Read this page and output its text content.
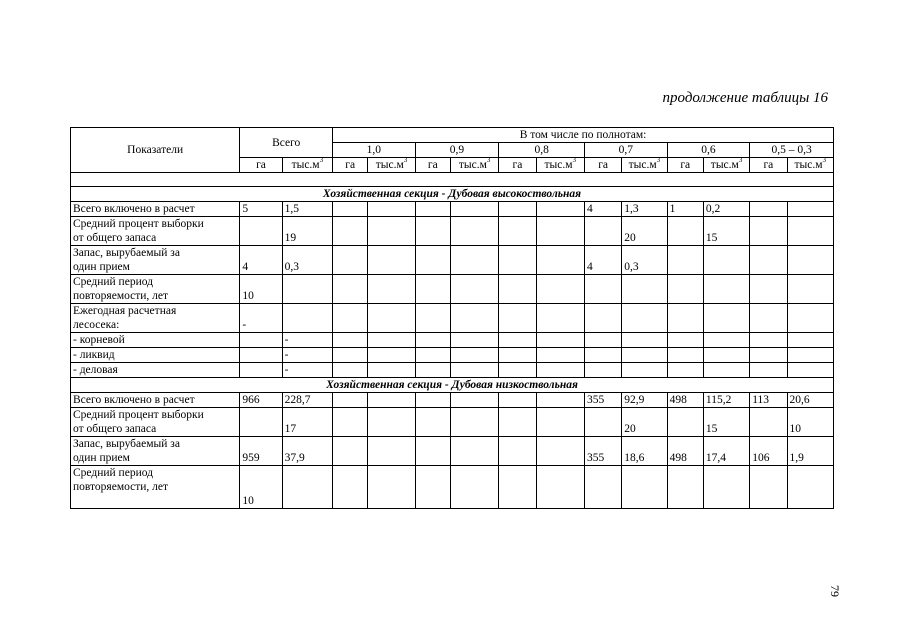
продолжение таблицы 16
79
Показатели	Всего		В том числе по полнотам:											
			1,0		0,9		0,8		0,7		0,6		0,5 – 0,3	
	га	$тыс.м^3$	га	$тыс.м^3$	га	$тыс.м^3$	га	$тыс.м^3$	га	$тыс.м^3$	га	$тыс.м^3$	га	$тыс.м^3$

Хозяйственная секция - Дубовая высокоствольная														

Всего включено в расчет	5	1,5							4	1,3	1	0,2		

Средний процент выборки
от общего запаса		19								20		15		

Запас, вырубаемый за
один прием	4	0,3							4	0,3				

Средний период
повторяемости, лет	10													

Ежегодная расчетная
лесосека:	-													

- корневой		-												

- ликвид		-												

- деловая		-												
Хозяйственная секция - Дубовая низкоствольная														

Всего включено в расчет	966	228,7							355	92,9	498	115,2	113	20,6

Средний процент выборки
от общего запаса		17								20		15		10

Запас, вырубаемый за
один прием	959	37,9							355	18,6	498	17,4	106	1,9

Средний период
повторяемости, лет	10													
